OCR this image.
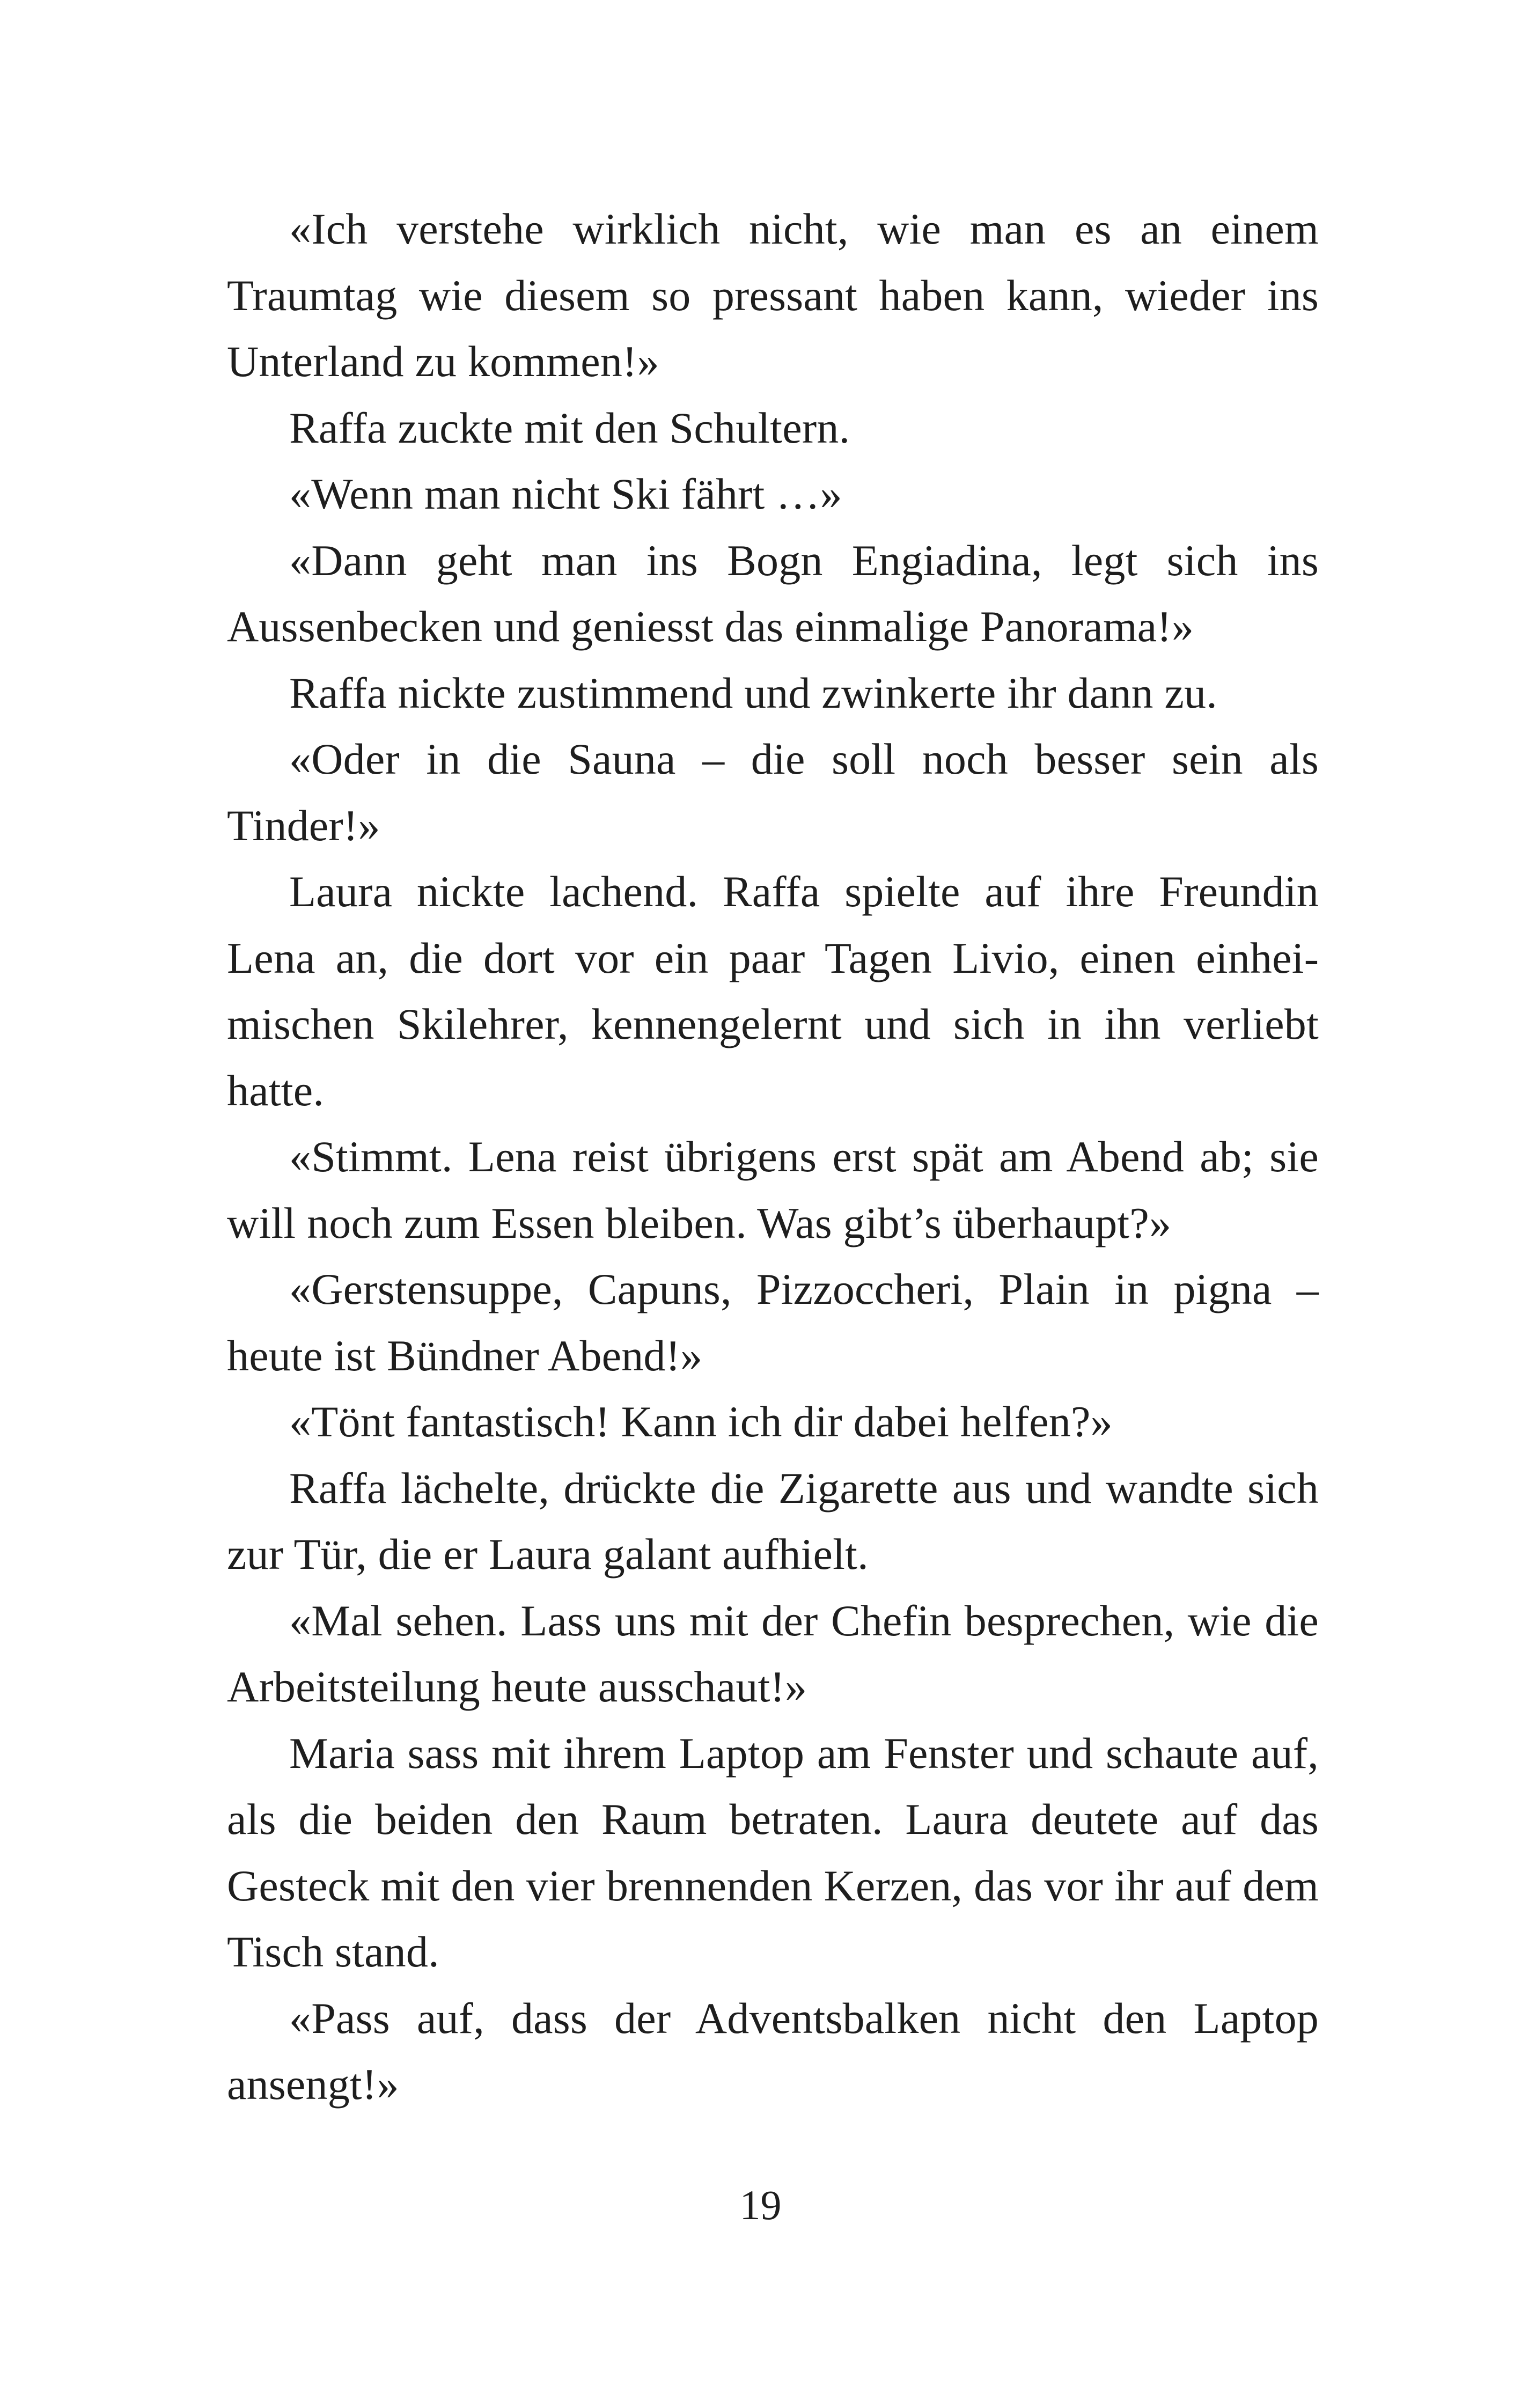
«Ich verstehe wirklich nicht, wie man es an einem Traumtag wie diesem so pressant haben kann, wieder ins Unterland zu kommen!»

Raffa zuckte mit den Schultern.

«Wenn man nicht Ski fährt …»

«Dann geht man ins Bogn Engiadina, legt sich ins Aussenbecken und geniesst das einmalige Panorama!»

Raffa nickte zustimmend und zwinkerte ihr dann zu.

«Oder in die Sauna – die soll noch besser sein als Tinder!»

Laura nickte lachend. Raffa spielte auf ihre Freundin Lena an, die dort vor ein paar Tagen Livio, einen einheimischen Skilehrer, kennengelernt und sich in ihn verliebt hatte.

«Stimmt. Lena reist übrigens erst spät am Abend ab; sie will noch zum Essen bleiben. Was gibt’s überhaupt?»

«Gerstensuppe, Capuns, Pizzoccheri, Plain in pigna – heute ist Bündner Abend!»

«Tönt fantastisch! Kann ich dir dabei helfen?»

Raffa lächelte, drückte die Zigarette aus und wandte sich zur Tür, die er Laura galant aufhielt.

«Mal sehen. Lass uns mit der Chefin besprechen, wie die Arbeitsteilung heute ausschaut!»

Maria sass mit ihrem Laptop am Fenster und schaute auf, als die beiden den Raum betraten. Laura deutete auf das Gesteck mit den vier brennenden Kerzen, das vor ihr auf dem Tisch stand.

«Pass auf, dass der Adventsbalken nicht den Laptop ansengt!»

19
